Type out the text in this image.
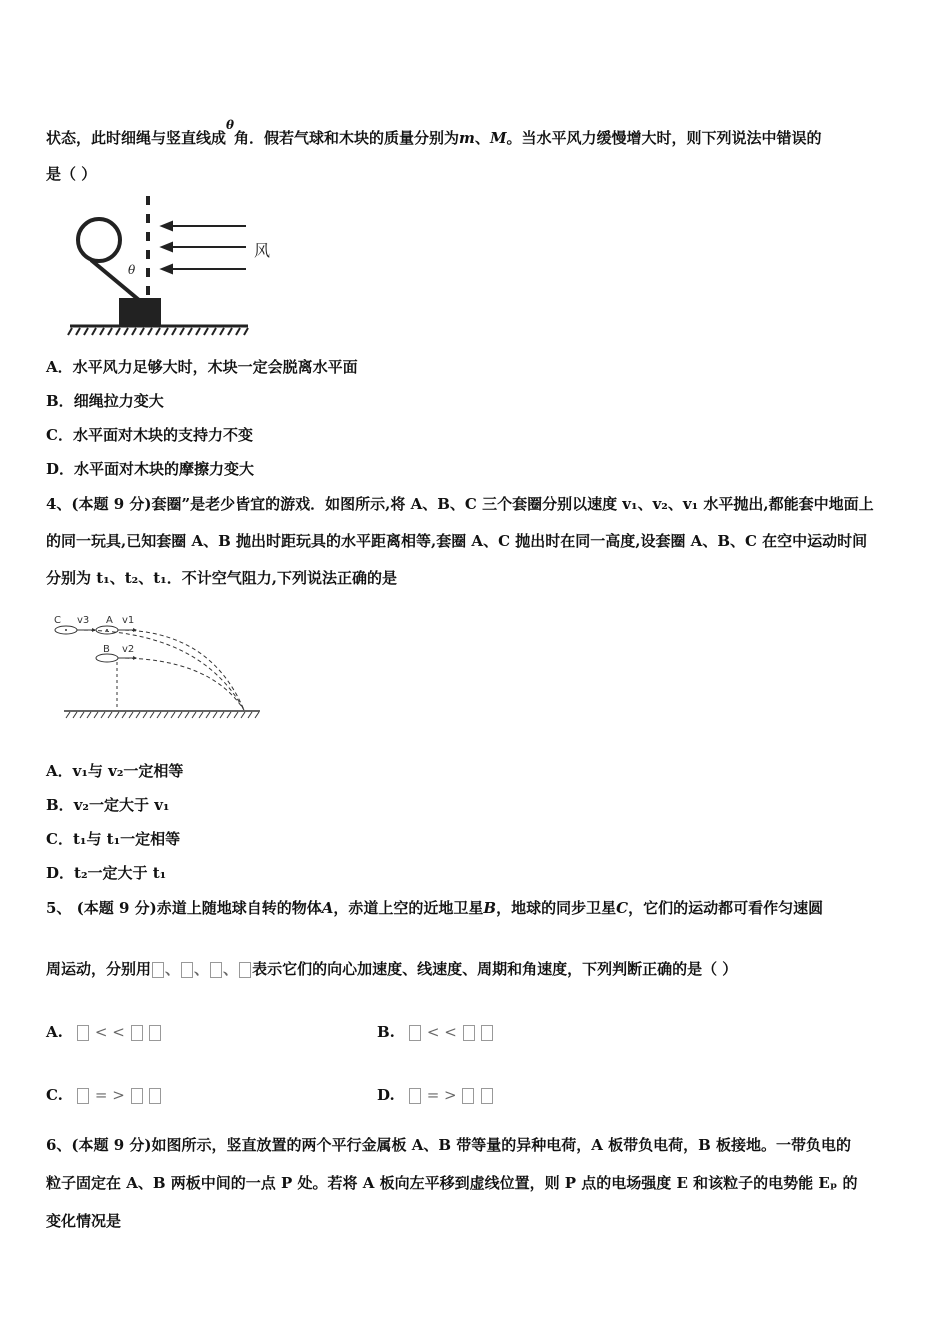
状态，此时细绳与竖直线成$^\theta$角．假若气球和木块的质量分别为m、M。当水平风力缓慢增大时，则下列说法中错误的
是（ ）
风
θ
A．水平风力足够大时，木块一定会脱离水平面
B．细绳拉力变大
C．水平面对木块的支持力不变
D．水平面对木块的摩擦力变大
4、(本题 9 分)套圈”是老少皆宜的游戏．如图所示,将 A、B、C 三个套圈分别以速度 v₁、v₂、v₁ 水平抛出,都能套中地面上
的同一玩具,已知套圈 A、B 抛出时距玩具的水平距离相等,套圈 A、C 抛出时在同一高度,设套圈 A、B、C 在空中运动时间
分别为 t₁、t₂、t₁．不计空气阻力,下列说法正确的是
C v3 A v1
B v2
A．v₁与 v₂一定相等
B．v₂一定大于 v₁
C．t₁与 t₁一定相等
D．t₂一定大于 t₁
5、 (本题 9 分)赤道上随地球自转的物体A，赤道上空的近地卫星B，地球的同步卫星C，它们的运动都可看作匀速圆
周运动，分别用 、 、 、 表示它们的向心加速度、线速度、周期和角速度，下列判断正确的是（ ）
A. < <	B. < <
C. = >	D. = >
6、(本题 9 分)如图所示，竖直放置的两个平行金属板 A、B 带等量的异种电荷，A 板带负电荷，B 板接地。一带负电的
粒子固定在 A、B 两板中间的一点 P 处。若将 A 板向左平移到虚线位置，则 P 点的电场强度 E 和该粒子的电势能 Eₚ 的
变化情况是
